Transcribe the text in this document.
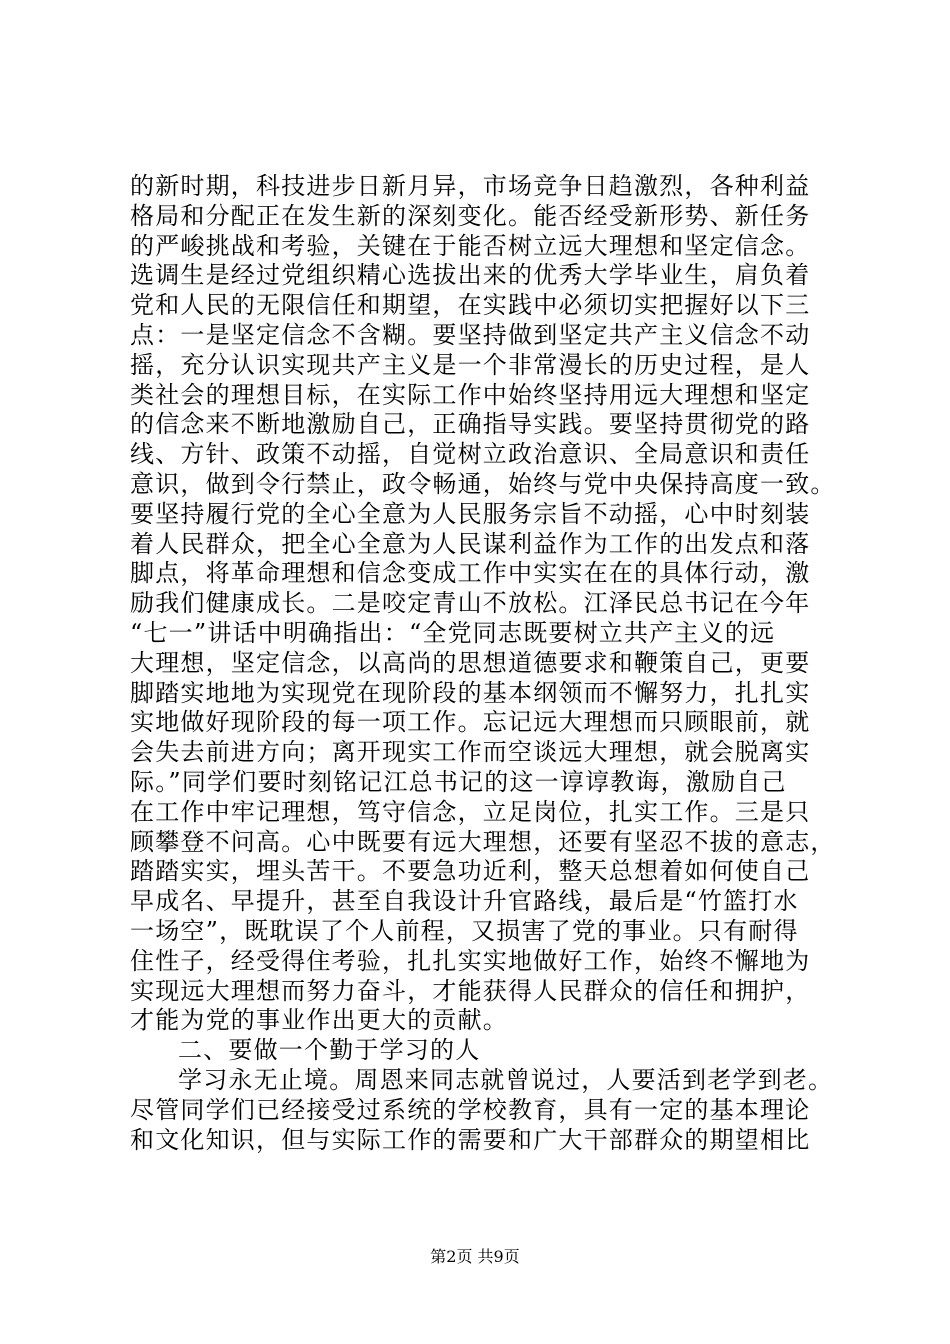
的新时期，科技进步日新月异，市场竞争日趋激烈，各种利益
格局和分配正在发生新的深刻变化。能否经受新形势、新任务
的严峻挑战和考验，关键在于能否树立远大理想和坚定信念。
选调生是经过党组织精心选拔出来的优秀大学毕业生，肩负着
党和人民的无限信任和期望，在实践中必须切实把握好以下三
点：一是坚定信念不含糊。要坚持做到坚定共产主义信念不动
摇，充分认识实现共产主义是一个非常漫长的历史过程，是人
类社会的理想目标，在实际工作中始终坚持用远大理想和坚定
的信念来不断地激励自己，正确指导实践。要坚持贯彻党的路
线、方针、政策不动摇，自觉树立政治意识、全局意识和责任
意识，做到令行禁止，政令畅通，始终与党中央保持高度一致。
要坚持履行党的全心全意为人民服务宗旨不动摇，心中时刻装
着人民群众，把全心全意为人民谋利益作为工作的出发点和落
脚点，将革命理想和信念变成工作中实实在在的具体行动，激
励我们健康成长。二是咬定青山不放松。江泽民总书记在今年
“七一”讲话中明确指出：“全党同志既要树立共产主义的远
大理想，坚定信念，以高尚的思想道德要求和鞭策自己，更要
脚踏实地地为实现党在现阶段的基本纲领而不懈努力，扎扎实
实地做好现阶段的每一项工作。忘记远大理想而只顾眼前，就
会失去前进方向；离开现实工作而空谈远大理想，就会脱离实
际。”同学们要时刻铭记江总书记的这一谆谆教诲，激励自己
在工作中牢记理想，笃守信念，立足岗位，扎实工作。三是只
顾攀登不问高。心中既要有远大理想，还要有坚忍不拔的意志，
踏踏实实，埋头苦干。不要急功近利，整天总想着如何使自己
早成名、早提升，甚至自我设计升官路线，最后是“竹篮打水
一场空”，既耽误了个人前程，又损害了党的事业。只有耐得
住性子，经受得住考验，扎扎实实地做好工作，始终不懈地为
实现远大理想而努力奋斗，才能获得人民群众的信任和拥护，
才能为党的事业作出更大的贡献。
二、要做一个勤于学习的人
学习永无止境。周恩来同志就曾说过，人要活到老学到老。
尽管同学们已经接受过系统的学校教育，具有一定的基本理论
和文化知识，但与实际工作的需要和广大干部群众的期望相比
第2页 共9页
